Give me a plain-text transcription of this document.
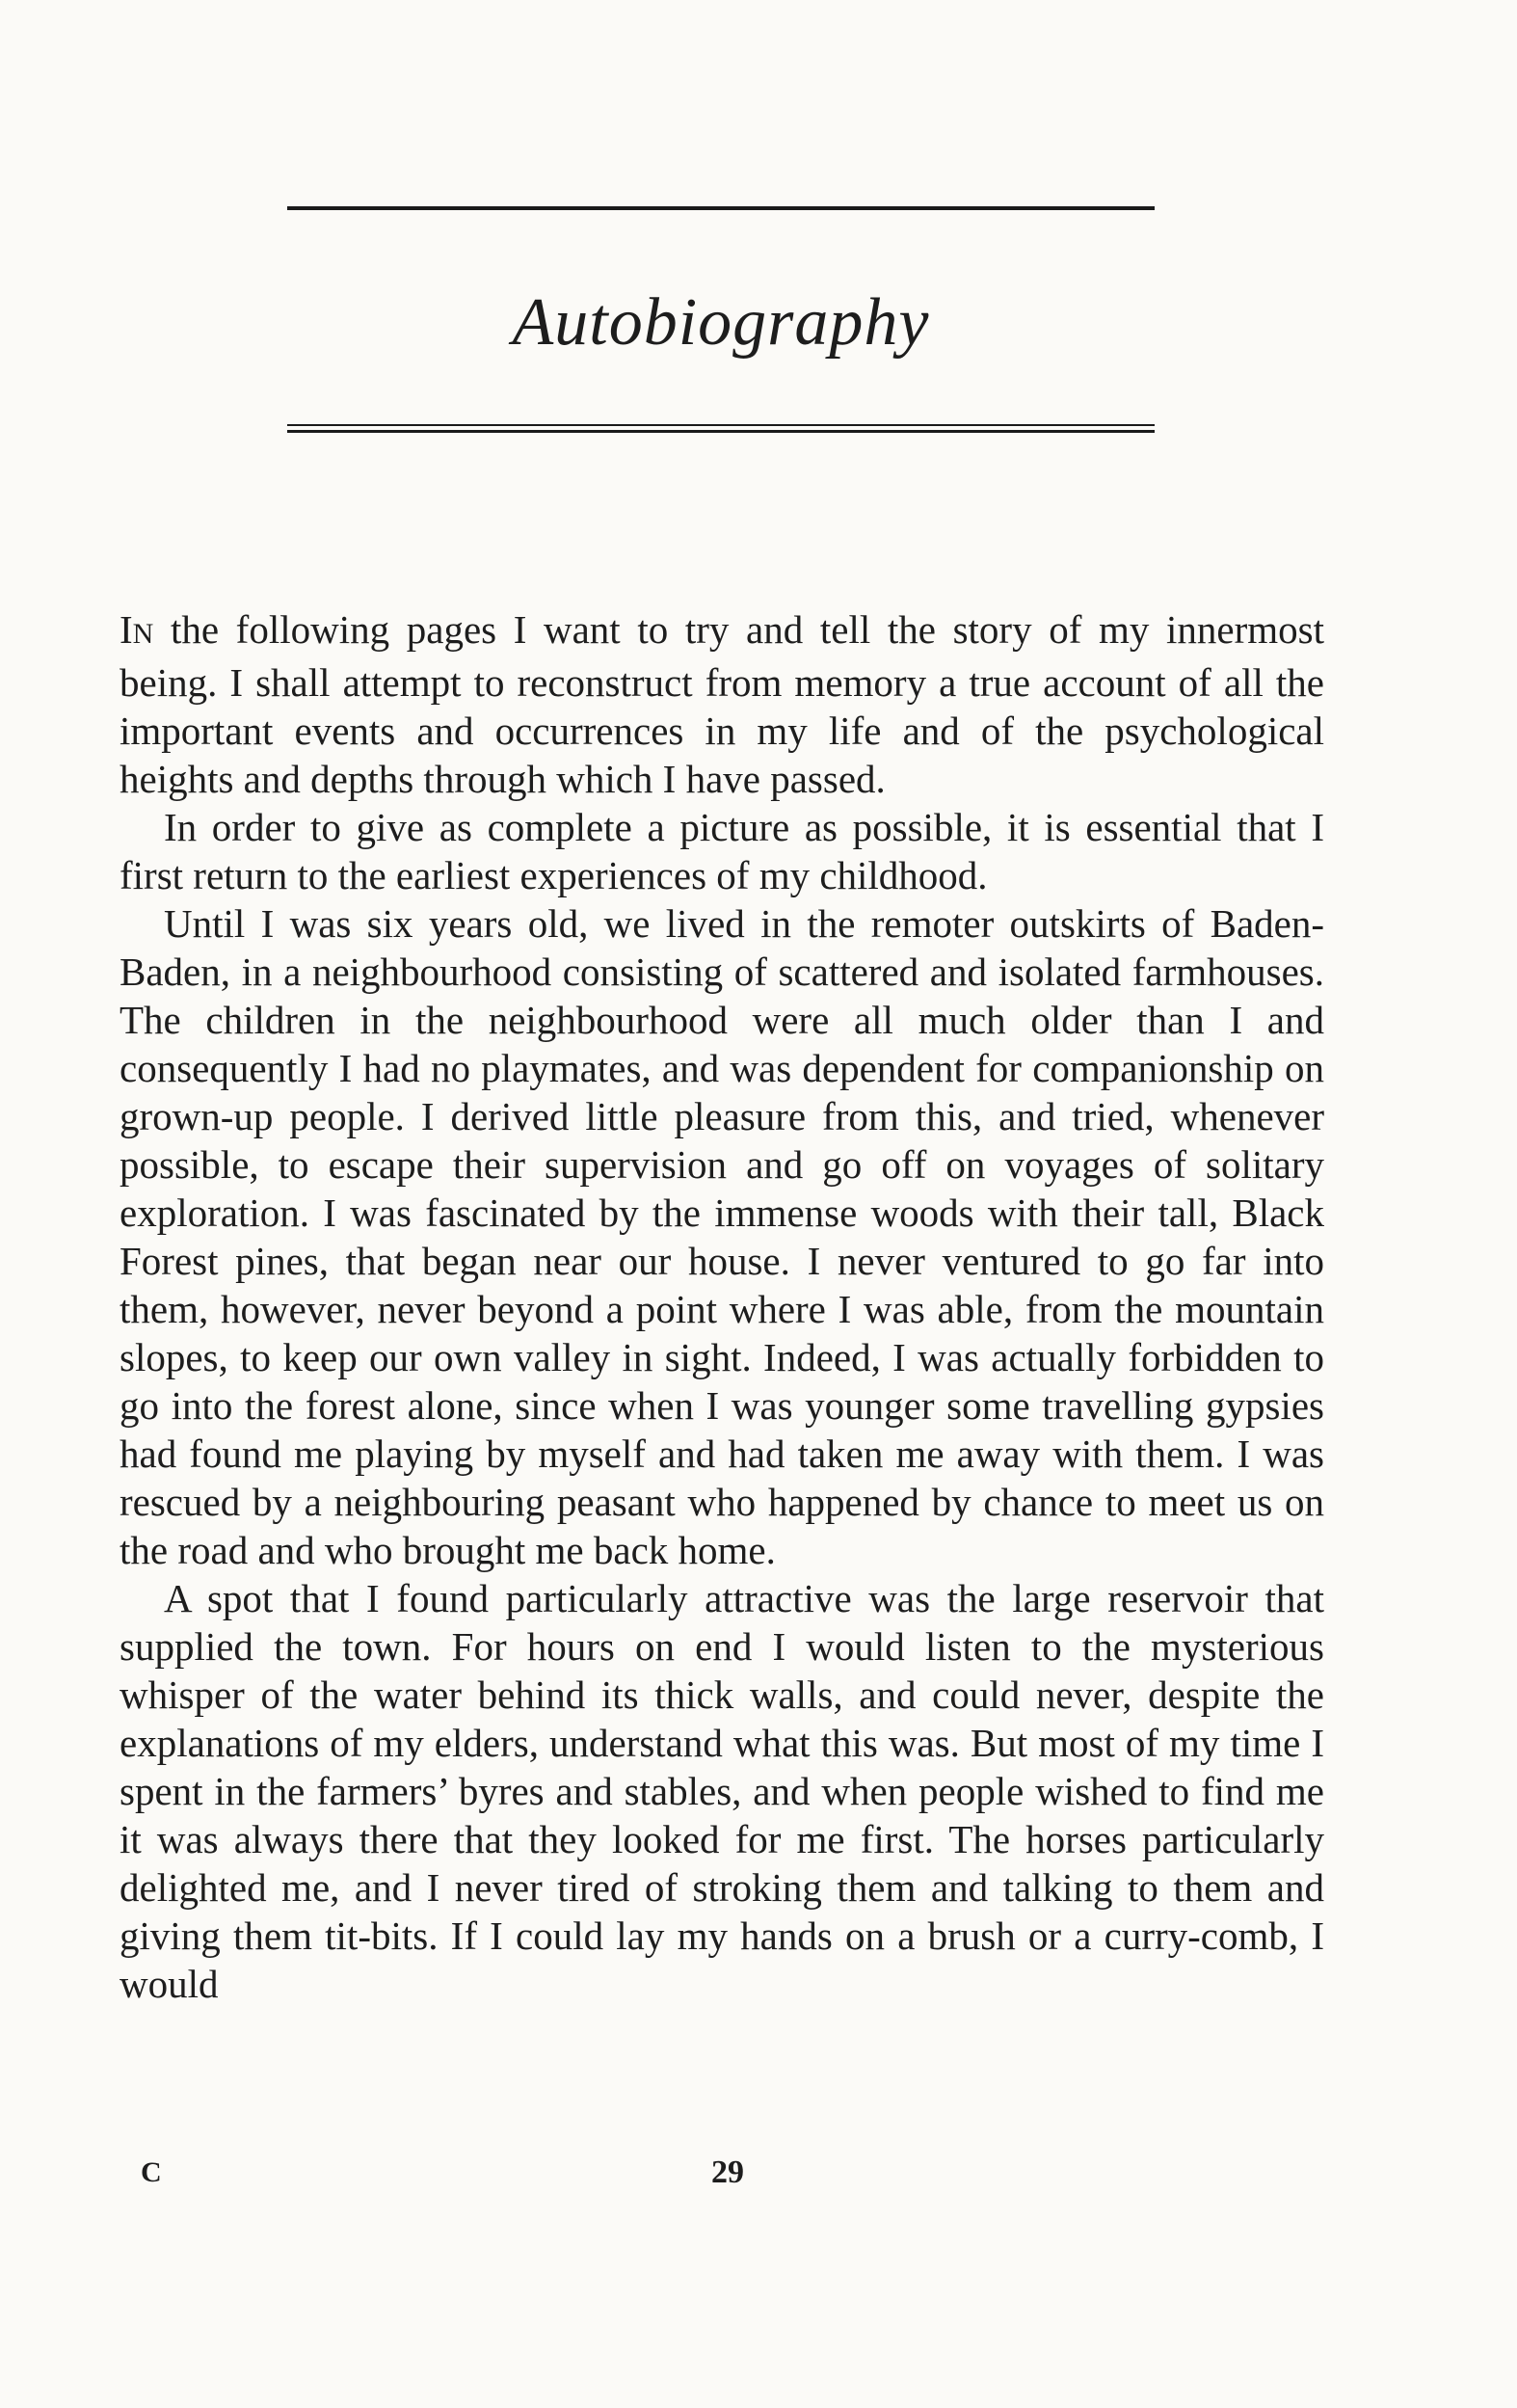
Autobiography

IN the following pages I want to try and tell the story of my innermost being. I shall attempt to reconstruct from memory a true account of all the important events and occurrences in my life and of the psychological heights and depths through which I have passed.

In order to give as complete a picture as possible, it is essential that I first return to the earliest experiences of my childhood.

Until I was six years old, we lived in the remoter outskirts of Baden-Baden, in a neighbourhood consisting of scattered and isolated farmhouses. The children in the neighbourhood were all much older than I and consequently I had no playmates, and was dependent for companionship on grown-up people. I derived little pleasure from this, and tried, whenever possible, to escape their supervision and go off on voyages of solitary exploration. I was fascinated by the immense woods with their tall, Black Forest pines, that began near our house. I never ventured to go far into them, however, never beyond a point where I was able, from the mountain slopes, to keep our own valley in sight. Indeed, I was actually forbidden to go into the forest alone, since when I was younger some travelling gypsies had found me playing by myself and had taken me away with them. I was rescued by a neighbouring peasant who happened by chance to meet us on the road and who brought me back home.

A spot that I found particularly attractive was the large reservoir that supplied the town. For hours on end I would listen to the mysterious whisper of the water behind its thick walls, and could never, despite the explanations of my elders, understand what this was. But most of my time I spent in the farmers’ byres and stables, and when people wished to find me it was always there that they looked for me first. The horses particularly delighted me, and I never tired of stroking them and talking to them and giving them tit-bits. If I could lay my hands on a brush or a curry-comb, I would

C	29
